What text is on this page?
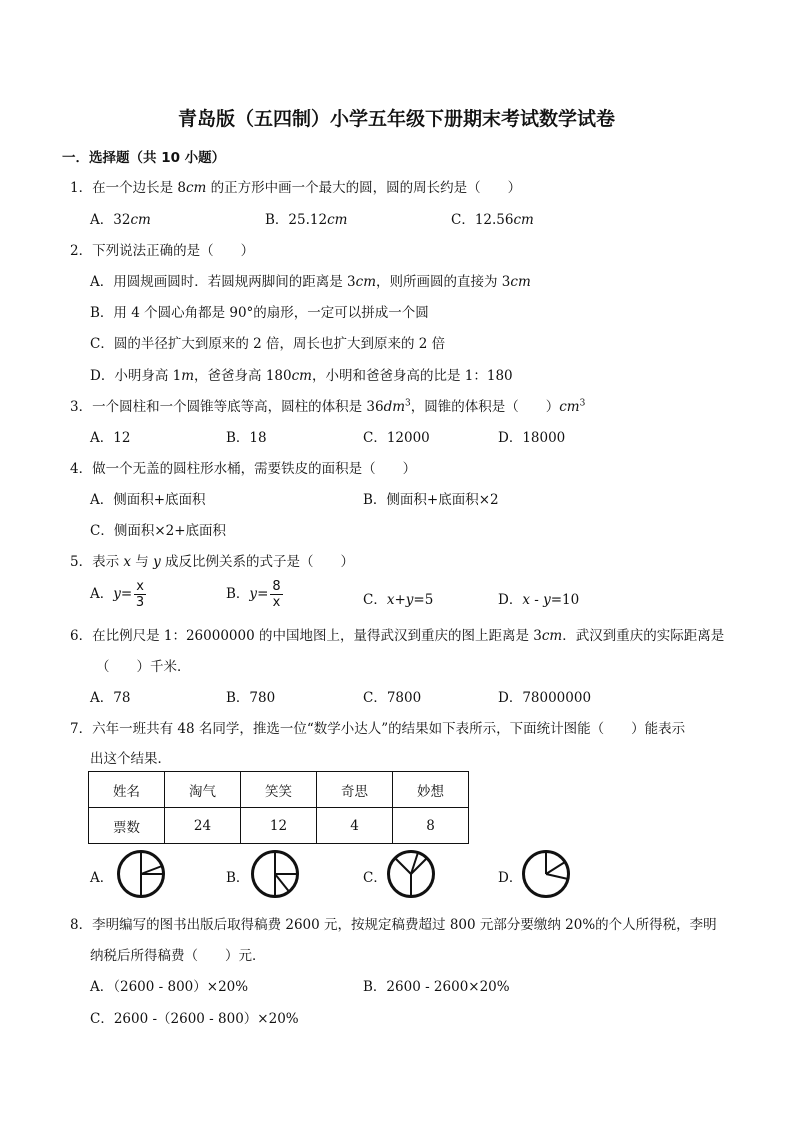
青岛版（五四制）小学五年级下册期末考试数学试卷
一．选择题（共 10 小题）
1．在一个边长是 8cm 的正方形中画一个最大的圆，圆的周长约是（　　）
A．32cm	B．25.12cm	C．12.56cm
2．下列说法正确的是（　　）
A．用圆规画圆时．若圆规两脚间的距离是 3cm，则所画圆的直接为 3cm
B．用 4 个圆心角都是 90°的扇形，一定可以拼成一个圆
C．圆的半径扩大到原来的 2 倍，周长也扩大到原来的 2 倍
D．小明身高 1m，爸爸身高 180cm，小明和爸爸身高的比是 1：180
3．一个圆柱和一个圆锥等底等高，圆柱的体积是 $36dm^3$，圆锥的体积是（　　）$cm^3$
A．12	B．18	C．12000	D．18000
4．做一个无盖的圆柱形水桶，需要铁皮的面积是（　　）
A．侧面积+底面积	B．侧面积+底面积×2
C．侧面积×2+底面积
5．表示 x 与 y 成反比例关系的式子是（　　）
A．$y= \frac{x}{3}$	B．$y= \frac{8}{x}$	C．x+y=5	D．x - y=10
6．在比例尺是 1：26000000 的中国地图上，量得武汉到重庆的图上距离是 3cm．武汉到重庆的实际距离是
（　　）千米．
A．78	B．780	C．7800	D．78000000
7．六年一班共有 48 名同学，推选一位“数学小达人”的结果如下表所示，下面统计图能（　　）能表示
出这个结果．
姓名	淘气	笑笑	奇思	妙想
票数	24	12	4	8
A．	B．	C．	D．
8．李明编写的图书出版后取得稿费 2600 元，按规定稿费超过 800 元部分要缴纳 20%的个人所得税，李明
纳税后所得稿费（　　）元．
A．（2600 - 800）×20%	B．2600 - 2600×20%
C．2600 -（2600 - 800）×20%
